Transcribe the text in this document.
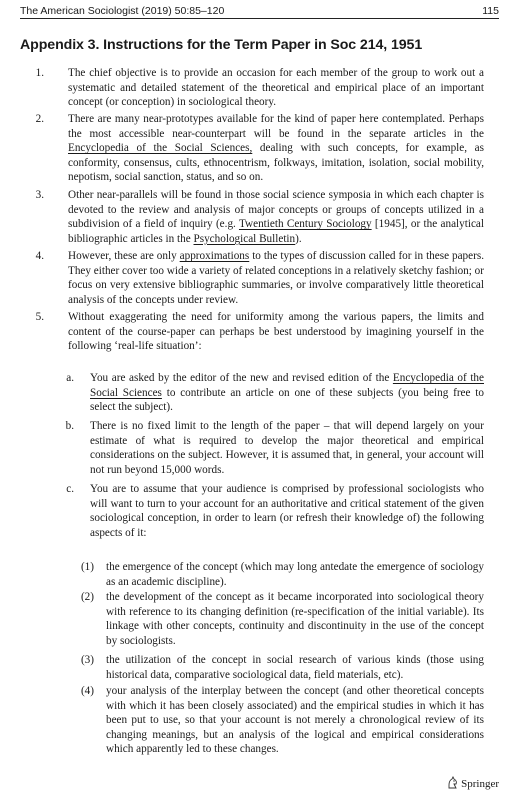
The American Sociologist (2019) 50:85–120	115
Appendix 3. Instructions for the Term Paper in Soc 214, 1951
1. The chief objective is to provide an occasion for each member of the group to work out a systematic and detailed statement of the theoretical and empirical place of an important concept (or conception) in sociological theory.
2. There are many near-prototypes available for the kind of paper here contemplated. Perhaps the most accessible near-counterpart will be found in the separate articles in the Encyclopedia of the Social Sciences, dealing with such concepts, for example, as conformity, consensus, cults, ethnocentrism, folkways, imitation, isolation, social mobility, nepotism, social sanction, status, and so on.
3. Other near-parallels will be found in those social science symposia in which each chapter is devoted to the review and analysis of major concepts or groups of concepts utilized in a subdivision of a field of inquiry (e.g. Twentieth Century Sociology [1945], or the analytical bibliographic articles in the Psychological Bulletin).
4. However, these are only approximations to the types of discussion called for in these papers. They either cover too wide a variety of related conceptions in a relatively sketchy fashion; or focus on very extensive bibliographic summaries, or involve comparatively little theoretical analysis of the concepts under review.
5. Without exaggerating the need for uniformity among the various papers, the limits and content of the course-paper can perhaps be best understood by imagining yourself in the following ‘real-life situation’:
a. You are asked by the editor of the new and revised edition of the Encyclopedia of the Social Sciences to contribute an article on one of these subjects (you being free to select the subject).
b. There is no fixed limit to the length of the paper – that will depend largely on your estimate of what is required to develop the major theoretical and empirical considerations on the subject. However, it is assumed that, in general, your account will not run beyond 15,000 words.
c. You are to assume that your audience is comprised by professional sociologists who will want to turn to your account for an authoritative and critical statement of the given sociological conception, in order to learn (or refresh their knowledge of) the following aspects of it:
(1) the emergence of the concept (which may long antedate the emergence of sociology as an academic discipline).
(2) the development of the concept as it became incorporated into sociological theory with reference to its changing definition (re-specification of the initial variable). Its linkage with other concepts, continuity and discontinuity in the use of the concept by sociologists.
(3) the utilization of the concept in social research of various kinds (those using historical data, comparative sociological data, field materials, etc).
(4) your analysis of the interplay between the concept (and other theoretical concepts with which it has been closely associated) and the empirical studies in which it has been put to use, so that your account is not merely a chronological review of its changing meanings, but an analysis of the logical and empirical considerations which apparently led to these changes.
Springer
